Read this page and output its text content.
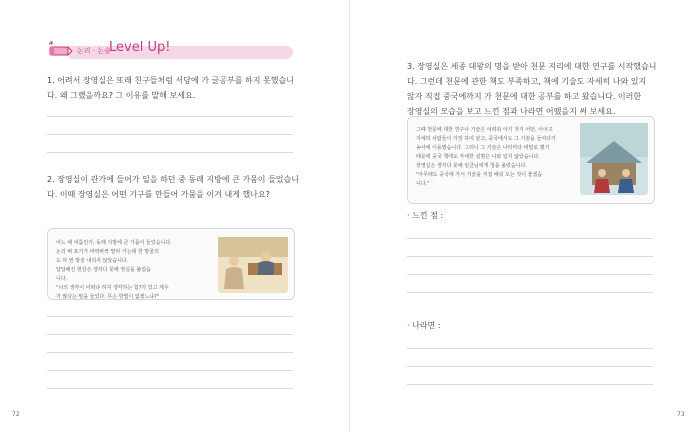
논리 · 논술
Level Up!
1. 어려서 장영실은 또래 친구들처럼 서당에 가 글공부를 하지 못했습니
다. 왜 그랬을까요? 그 이유를 말해 보세요.
2. 장영실이 관가에 들어가 일을 하던 중 동래 지방에 큰 가뭄이 들었습니
다. 이때 장영실은 어떤 기구를 만들어 가뭄을 이겨 내게 했나요?
어느 해 여름인가, 동래 지방에 큰 가뭄이 들었습니다.
논의 벼 포기가 바싹바싹 말라 가는데 한 방울의
도 하 번 방울 내리지 않았습니다.
답답해진 현감은 생각다 못해 영실을 불렀습
니다.
"너의 생각이 어떠냐 하지 생각하는 힘?가 있고 계우
가 많다는 말을 들었다. 무슨 방법이 없겠느냐?"
72
3. 장영실은 세종 대왕의 명을 받아 천문 지리에 대한 연구를 시작했습니
다. 그런데 천문에 관한 책도 부족하고, 책에 기술도 자세히 나와 있지
않자 직접 중국에까지 가 천문에 대한 공부를 하고 왔습니다. 이러한
장영실의 모습을 보고 느낀 점과 나라면 어땠을지 써 보세요.
그때 천문에 대한 연구나 기술은 어려워 아기 자기 어떤, 이어고
자세히 사람들이 가장 하여 끝고, 중국에서도 그 기술을 들여다가
농사에 이용했습니다. 그러나 그 기술은 나라마다 비밀로 했기
때문에 중국 책에도 자세한 설명은 나와 있지 않았습니다.
장영실은 생각다 못해 임금님에게 청을 올렸습니다.
"아무래도 중국에 가서 기술을 직접 배워 오는 것이 좋겠습
니다."
· 느낀 점 :
· 나라면 :
73
